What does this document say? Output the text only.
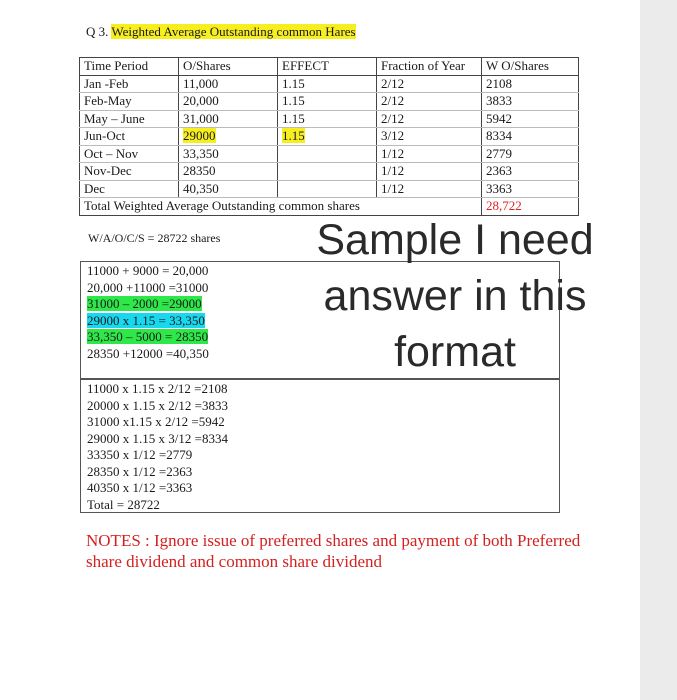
Q 3. Weighted Average Outstanding common Hares
Time Period	O/Shares	EFFECT	Fraction of Year	W O/Shares
Jan -Feb	11,000	1.15	2/12	2108
Feb-May	20,000	1.15	2/12	3833
May – June	31,000	1.15	2/12	5942
Jun-Oct	29000	1.15	3/12	8334
Oct – Nov	33,350		1/12	2779
Nov-Dec	28350		1/12	2363
Dec	40,350		1/12	3363
Total Weighted Average Outstanding common shares				28,722
W/A/O/C/S = 28722 shares
11000 + 9000 = 20,000
20,000 +11000 =31000
31000 – 2000 =29000
29000 x 1.15 = 33,350
33,350 – 5000 = 28350
28350 +12000 =40,350
11000 x 1.15 x 2/12 =2108
20000 x 1.15 x 2/12 =3833
31000 x1.15 x 2/12 =5942
29000 x 1.15 x 3/12 =8334
33350 x 1/12 =2779
28350 x 1/12 =2363
40350 x 1/12 =3363
Total = 28722
Sample I need
answer in this
format
NOTES : Ignore issue of preferred shares and payment of both Preferred share dividend and common share dividend
